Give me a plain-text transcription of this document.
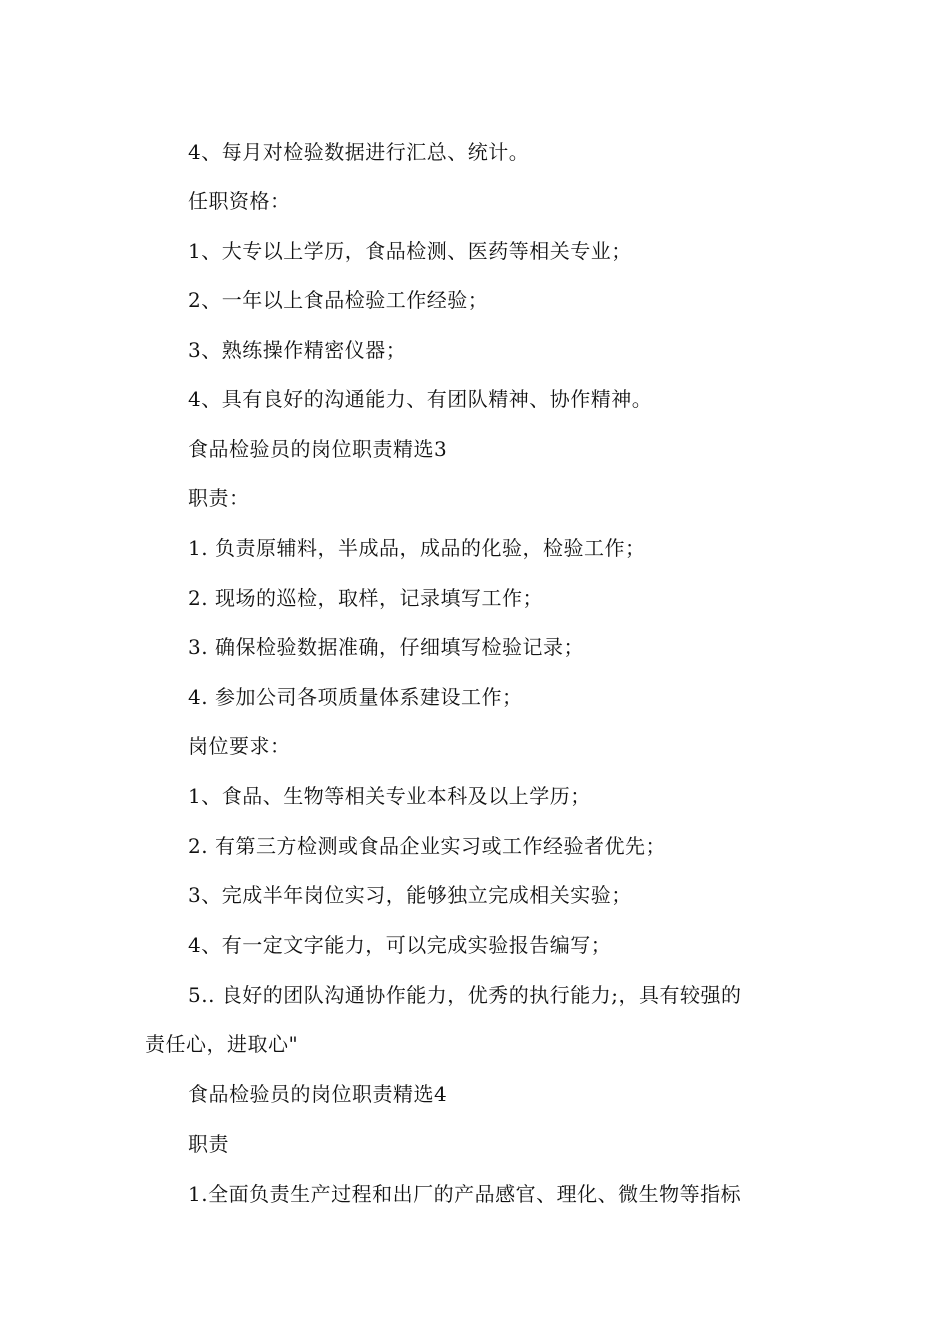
4、每月对检验数据进行汇总、统计。
任职资格：
1、大专以上学历，食品检测、医药等相关专业；
2、一年以上食品检验工作经验；
3、熟练操作精密仪器；
4、具有良好的沟通能力、有团队精神、协作精神。
食品检验员的岗位职责精选3
职责：
1. 负责原辅料，半成品，成品的化验，检验工作；
2. 现场的巡检，取样，记录填写工作；
3. 确保检验数据准确，仔细填写检验记录；
4. 参加公司各项质量体系建设工作；
岗位要求：
1、食品、生物等相关专业本科及以上学历；
2. 有第三方检测或食品企业实习或工作经验者优先；
3、完成半年岗位实习，能够独立完成相关实验；
4、有一定文字能力，可以完成实验报告编写；
5.. 良好的团队沟通协作能力，优秀的执行能力;，具有较强的
责任心，进取心"
食品检验员的岗位职责精选4
职责
1.全面负责生产过程和出厂的产品感官、理化、微生物等指标
